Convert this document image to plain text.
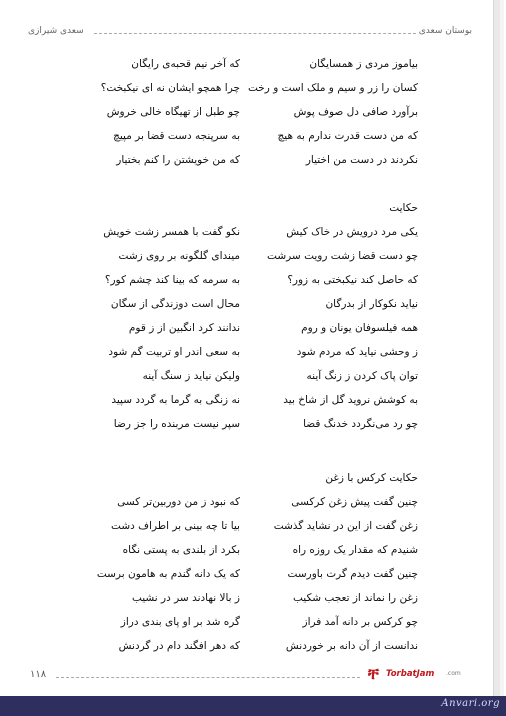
بوستان سعدی
سعدی شیرازی
بیاموز مردی ز همسایگان
که آخر نیم قحبه‌ی رایگان
کسان را زر و سیم و ملک است و رخت
چرا همچو ایشان نه ای نیکبخت؟
برآورد صافی دل صوف پوش
چو طبل از تهیگاه خالی خروش
که من دست قدرت ندارم به هیچ
به سرپنجه دست قضا بر مپیچ
نکردند در دست من اختیار
که من خویشتن را کنم بختیار
حکایت
یکی مرد درویش در خاک کیش
نکو گفت با همسر زشت خویش
چو دست قضا زشت رویت سرشت
میندای گلگونه بر روی زشت
که حاصل کند نیکبختی به زور؟
به سرمه که بینا کند چشم کور؟
نیاید نکوکار از بدرگان
محال است دوزندگی از سگان
همه فیلسوفان یونان و روم
ندانند کرد انگبین از ز قوم
ز وحشی نیاید که مردم شود
به سعی اندر او تربیت گم شود
توان پاک کردن ز زنگ آینه
ولیکن نیاید ز سنگ آینه
به کوشش نروید گل از شاخ بید
نه زنگی به گرما به گردد سپید
چو رد می‌نگردد خدنگ قضا
سپر نیست مربنده را جز رضا
حکایت کرکس با زغن
چنین گفت پیش زغن کرکسی
که نبود ز من دوربین‌تر کسی
زغن گفت از این در نشاید گذشت
بیا تا چه بینی بر اطراف دشت
شنیدم که مقدار یک روزه راه
بکرد از بلندی به پستی نگاه
چنین گفت دیدم گرت باورست
که یک دانه گندم به هامون برست
زغن را نماند از تعجب شکیب
ز بالا نهادند سر در نشیب
چو کرکس بر دانه آمد فراز
گره شد بر او پای بندی دراز
ندانست از آن دانه بر خوردنش
که دهر افگند دام در گردنش
۱۱۸	ቸ TorbatJam .com
Anvari.org
